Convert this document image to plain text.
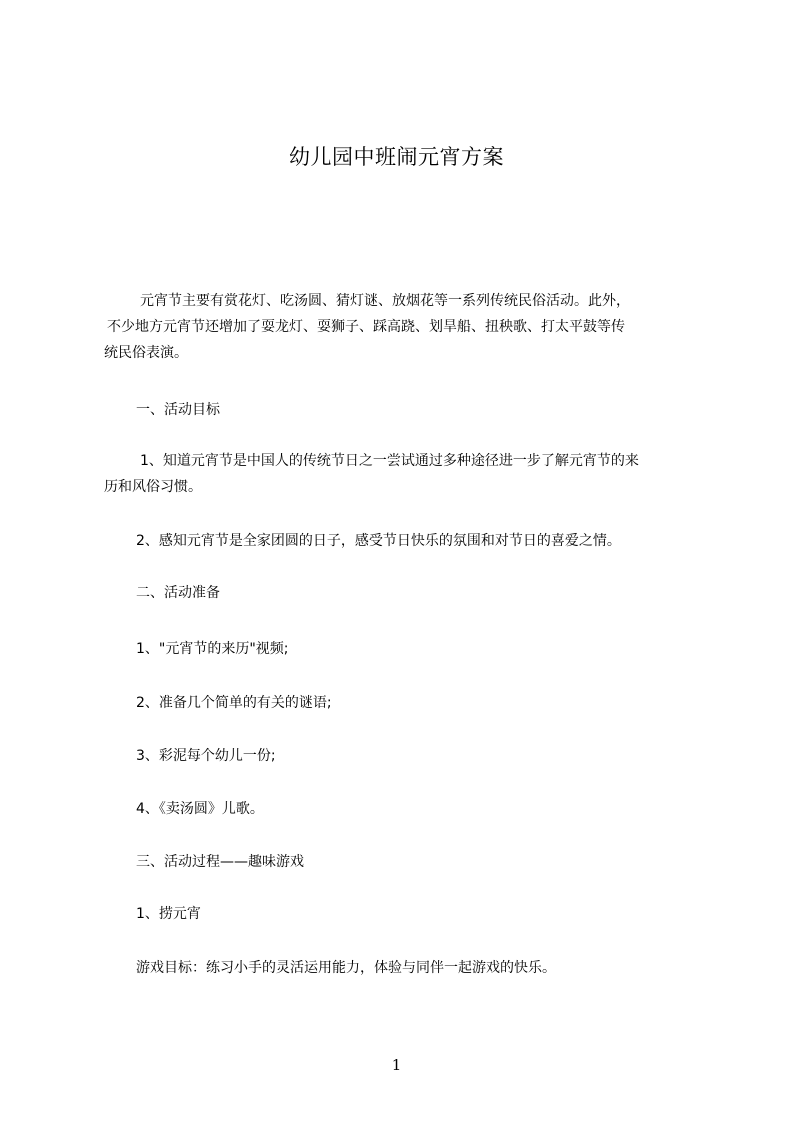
幼儿园中班闹元宵方案

元宵节主要有赏花灯、吃汤圆、猜灯谜、放烟花等一系列传统民俗活动。此外，
不少地方元宵节还增加了耍龙灯、耍狮子、踩高跷、划旱船、扭秧歌、打太平鼓等传
统民俗表演。

一、活动目标

1、知道元宵节是中国人的传统节日之一尝试通过多种途径进一步了解元宵节的来
历和风俗习惯。

2、感知元宵节是全家团圆的日子，感受节日快乐的氛围和对节日的喜爱之情。

二、活动准备

1、"元宵节的来历"视频;

2、准备几个简单的有关的谜语;

3、彩泥每个幼儿一份;

4、《卖汤圆》儿歌。

三、活动过程——趣味游戏

1、捞元宵

游戏目标：练习小手的灵活运用能力，体验与同伴一起游戏的快乐。

1
